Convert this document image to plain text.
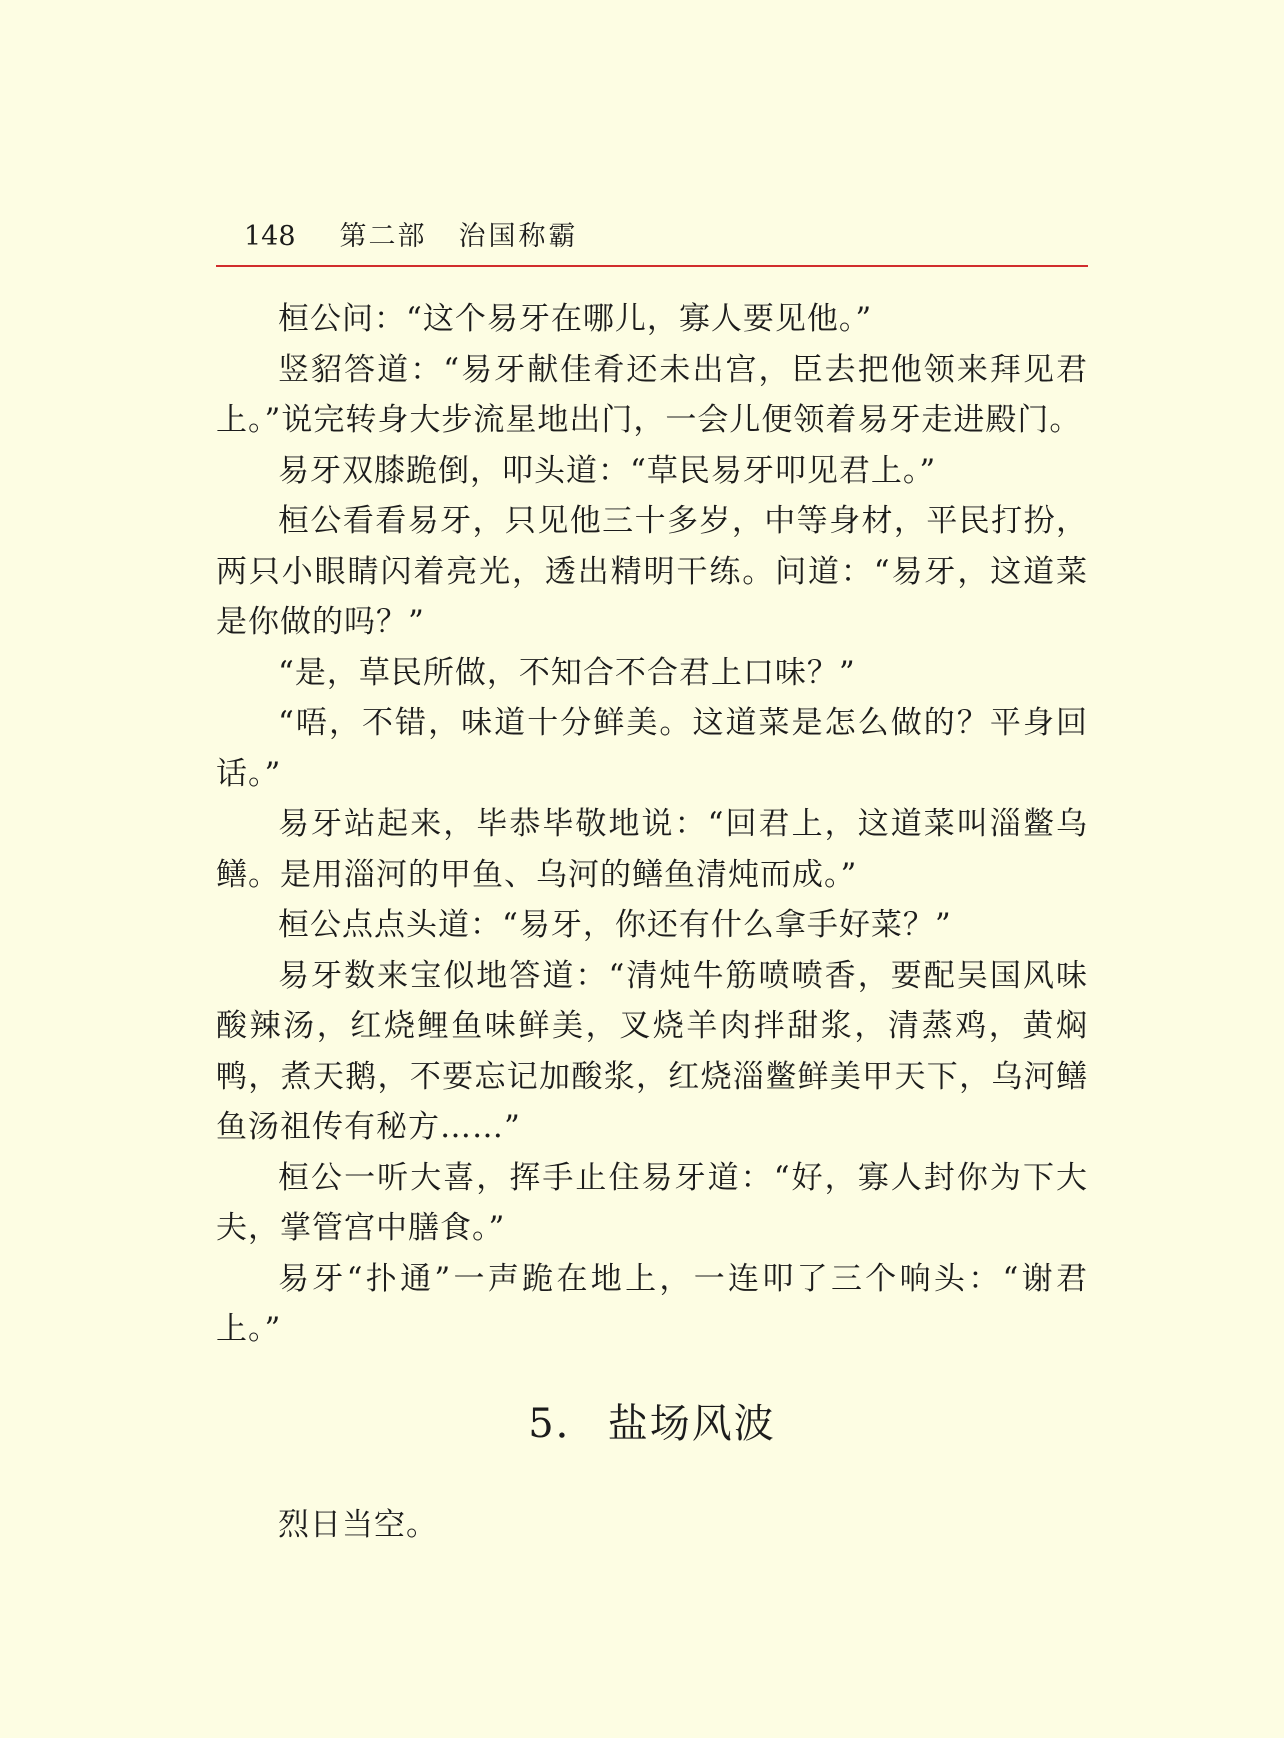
148 第二部 治国称霸

桓公问：“这个易牙在哪儿，寡人要见他。”

竖貂答道：“易牙献佳肴还未出宫，臣去把他领来拜见君上。”说完转身大步流星地出门，一会儿便领着易牙走进殿门。

易牙双膝跪倒，叩头道：“草民易牙叩见君上。”

桓公看看易牙，只见他三十多岁，中等身材，平民打扮，两只小眼睛闪着亮光，透出精明干练。问道：“易牙，这道菜是你做的吗？”

“是，草民所做，不知合不合君上口味？”

“唔，不错，味道十分鲜美。这道菜是怎么做的？平身回话。”

易牙站起来，毕恭毕敬地说：“回君上，这道菜叫淄鳖乌鳝。是用淄河的甲鱼、乌河的鳝鱼清炖而成。”

桓公点点头道：“易牙，你还有什么拿手好菜？”

易牙数来宝似地答道：“清炖牛筋喷喷香，要配吴国风味酸辣汤，红烧鲤鱼味鲜美，叉烧羊肉拌甜浆，清蒸鸡，黄焖鸭，煮天鹅，不要忘记加酸浆，红烧淄鳖鲜美甲天下，乌河鳝鱼汤祖传有秘方……”

桓公一听大喜，挥手止住易牙道：“好，寡人封你为下大夫，掌管宫中膳食。”

易牙“扑通”一声跪在地上，一连叩了三个响头：“谢君上。”

5． 盐场风波

烈日当空。
